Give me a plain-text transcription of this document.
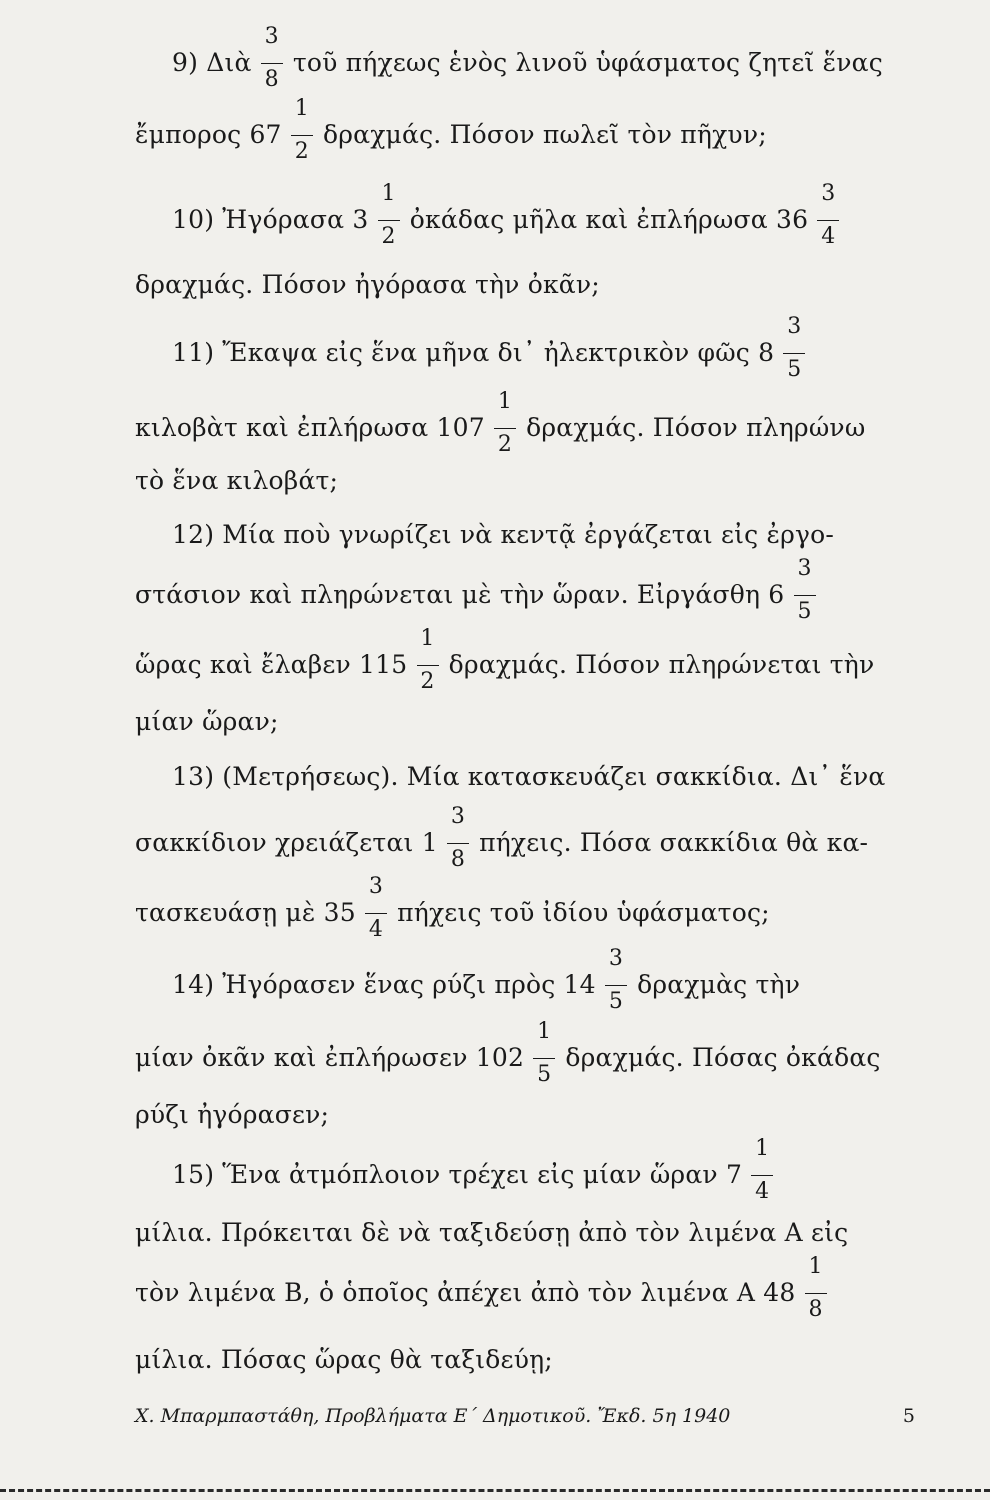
9) Διὰ $\frac{3}{8}$ τοῦ πήχεως ἑνὸς λινοῦ ὑφάσματος ζητεῖ ἕνας
ἔμπορος $67 \frac{1}{2} \delta\rho\alpha\chi\mu ά\varsigma$. Πόσον πωλεῖ τὸν πῆχυν;
10) Ἠγόρασα $3 \frac{1}{2}$ ὀκάδας μῆλα καὶ ἐπλήρωσα $36 \frac{3}{4}$
δραχμάς. Πόσον ἠγόρασα τὴν ὀκᾶν;
11) Ἔκαψα εἰς ἕνα μῆνα δι᾽ ἠλεκτρικὸν φῶς $8 \frac{3}{5}$
κιλοβὰτ καὶ ἐπλήρωσα $107 \frac{1}{2} \delta\rho\alpha\chi\mu ά\varsigma$. Πόσον πληρώνω
τὸ ἕνα κιλοβάτ;
12) Μία ποὺ γνωρίζει νὰ κεντᾷ ἐργάζεται εἰς ἐργο-
στάσιον καὶ πληρώνεται μὲ τὴν ὥραν. Εἰργάσθη $6 \frac{3}{5}$
ὥρας καὶ ἔλαβεν $115 \frac{1}{2} \delta\rho\alpha\chi\mu ά\varsigma$. Πόσον πληρώνεται τὴν
μίαν ὥραν;
13) (Μετρήσεως). Μία κατασκευάζει σακκίδια. Δι᾽ ἕνα
σακκίδιον χρειάζεται $1 \frac{3}{8} \pi ή\chi\varepsilon\iota\varsigma$. Πόσα σακκίδια θὰ κα-
τασκευάσῃ μὲ $35 \frac{3}{4}$ πήχεις τοῦ ἰδίου ὑφάσματος;
14) Ἠγόρασεν ἕνας ρύζι πρὸς $14 \frac{3}{5}$ δραχμὰς τὴν
μίαν ὀκᾶν καὶ ἐπλήρωσεν $102 \frac{1}{5} \delta\rho\alpha\chi\mu ά\varsigma$. Πόσας ὀκάδας
ρύζι ἠγόρασεν;
15) Ἕνα ἀτμόπλοιον τρέχει εἰς μίαν ὥραν $7 \frac{1}{4}$
μίλια. Πρόκειται δὲ νὰ ταξιδεύσῃ ἀπὸ τὸν λιμένα Α εἰς
τὸν λιμένα Β, ὁ ὁποῖος ἀπέχει ἀπὸ τὸν λιμένα Α $48 \frac{1}{8}$
μίλια. Πόσας ὥρας θὰ ταξιδεύῃ;
Χ. Μπαρμπαστάθη, Προβλήματα Ε΄ Δημοτικοῦ. Ἔκδ. 5η 1940	5
